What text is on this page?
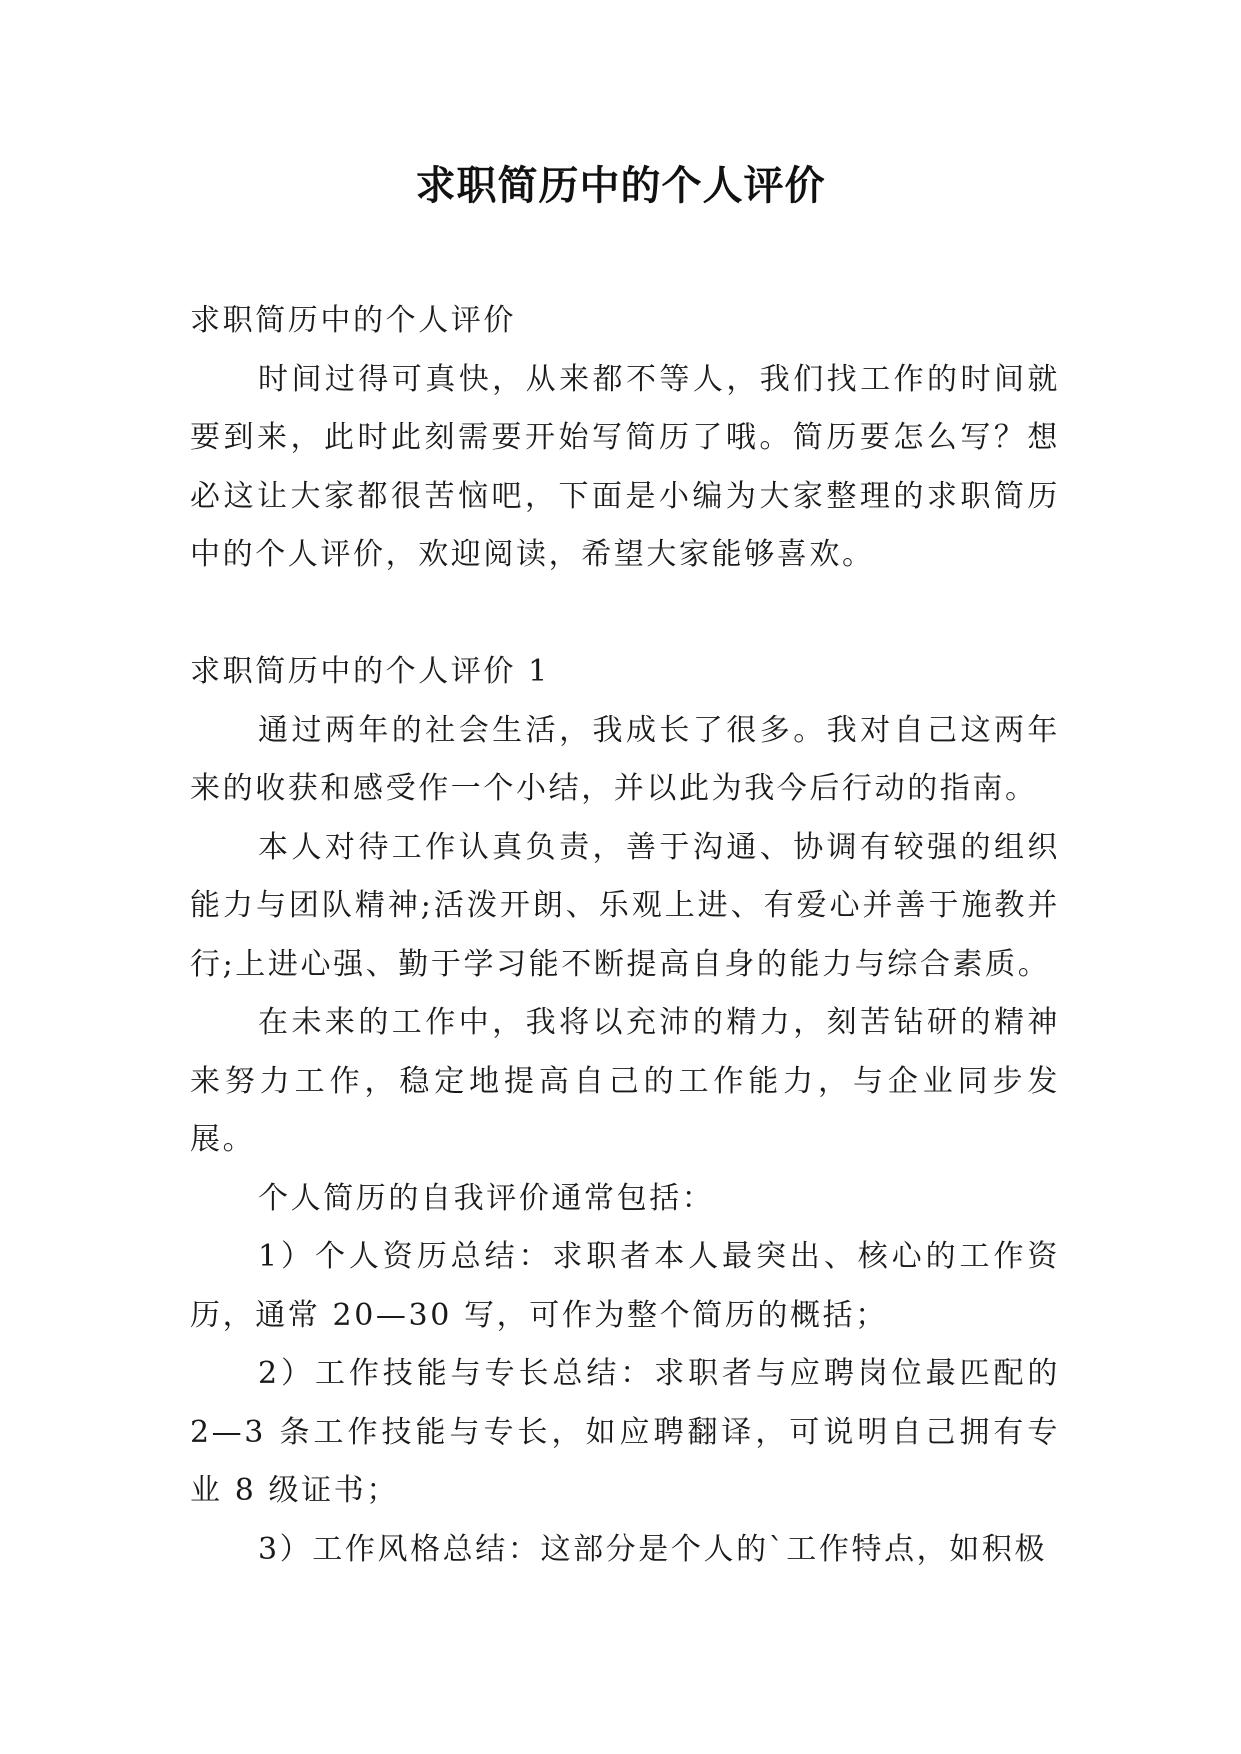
求职简历中的个人评价

求职简历中的个人评价

时间过得可真快，从来都不等人，我们找工作的时间就要到来，此时此刻需要开始写简历了哦。简历要怎么写？想必这让大家都很苦恼吧，下面是小编为大家整理的求职简历中的个人评价，欢迎阅读，希望大家能够喜欢。

求职简历中的个人评价 1

通过两年的社会生活，我成长了很多。我对自己这两年来的收获和感受作一个小结，并以此为我今后行动的指南。

本人对待工作认真负责，善于沟通、协调有较强的组织能力与团队精神;活泼开朗、乐观上进、有爱心并善于施教并行;上进心强、勤于学习能不断提高自身的能力与综合素质。

在未来的工作中，我将以充沛的精力，刻苦钻研的精神来努力工作，稳定地提高自己的工作能力，与企业同步发展。

个人简历的自我评价通常包括：

1）个人资历总结：求职者本人最突出、核心的工作资历，通常 20—30 写，可作为整个简历的概括；

2）工作技能与专长总结：求职者与应聘岗位最匹配的 2—3 条工作技能与专长，如应聘翻译，可说明自己拥有专业 8 级证书；

3）工作风格总结：这部分是个人的`工作特点，如积极
